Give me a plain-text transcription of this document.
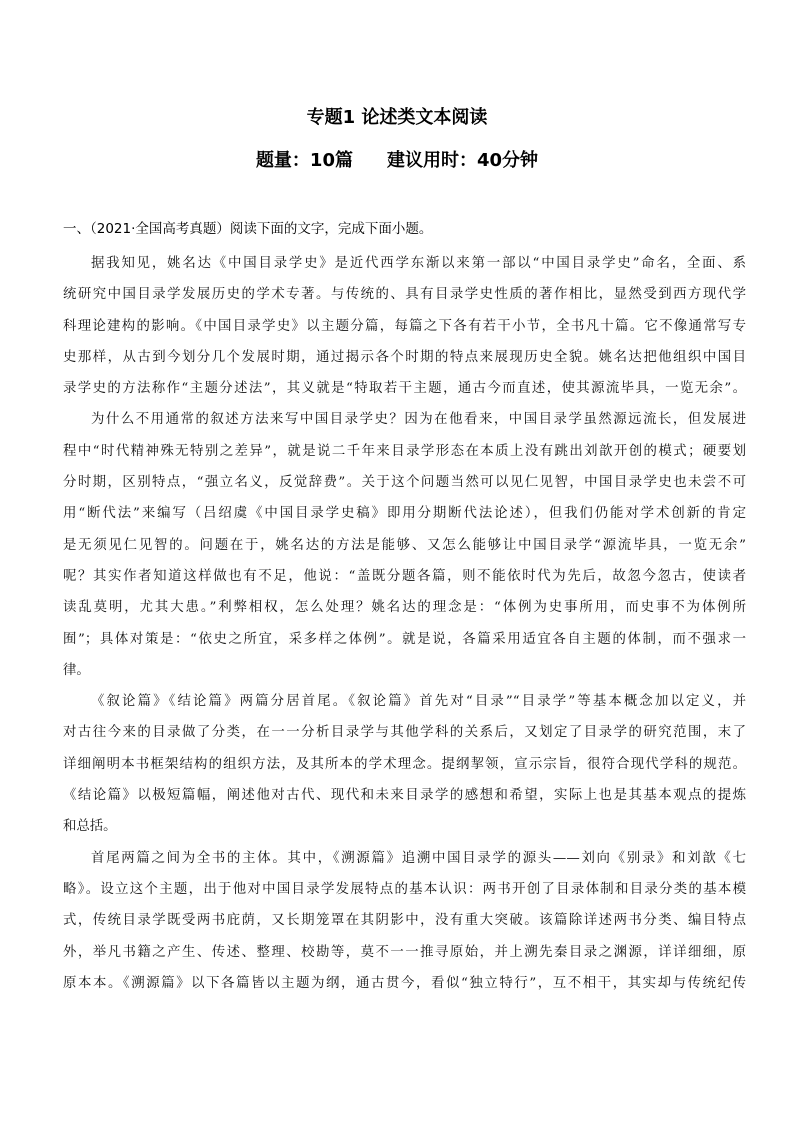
专题1 论述类文本阅读
题量：10篇 建议用时：40分钟
一、（2021·全国高考真题）阅读下面的文字，完成下面小题。
据我知见，姚名达《中国目录学史》是近代西学东渐以来第一部以“中国目录学史”命名，全面、系
统研究中国目录学发展历史的学术专著。与传统的、具有目录学史性质的著作相比，显然受到西方现代学
科理论建构的影响。《中国目录学史》以主题分篇，每篇之下各有若干小节，全书凡十篇。它不像通常写专
史那样，从古到今划分几个发展时期，通过揭示各个时期的特点来展现历史全貌。姚名达把他组织中国目
录学史的方法称作“主题分述法”，其义就是“特取若干主题，通古今而直述，使其源流毕具，一览无余”。
为什么不用通常的叙述方法来写中国目录学史？因为在他看来，中国目录学虽然源远流长，但发展进
程中“时代精神殊无特别之差异”，就是说二千年来目录学形态在本质上没有跳出刘歆开创的模式；硬要划
分时期，区别特点，“强立名义，反觉辞费”。关于这个问题当然可以见仁见智，中国目录学史也未尝不可
用“断代法”来编写（吕绍虞《中国目录学史稿》即用分期断代法论述），但我们仍能对学术创新的肯定
是无须见仁见智的。问题在于，姚名达的方法是能够、又怎么能够让中国目录学“源流毕具，一览无余”
呢？其实作者知道这样做也有不足，他说：“盖既分题各篇，则不能依时代为先后，故忽今忽古，使读者
读乱莫明，尤其大患。”利弊相权，怎么处理？姚名达的理念是：“体例为史事所用，而史事不为体例所
囿”；具体对策是：“依史之所宜，采多样之体例”。就是说，各篇采用适宜各自主题的体制，而不强求一
律。
《叙论篇》《结论篇》两篇分居首尾。《叙论篇》首先对“目录”“目录学”等基本概念加以定义，并
对古往今来的目录做了分类，在一一分析目录学与其他学科的关系后，又划定了目录学的研究范围，末了
详细阐明本书框架结构的组织方法，及其所本的学术理念。提纲挈领，宣示宗旨，很符合现代学科的规范。
《结论篇》以极短篇幅，阐述他对古代、现代和未来目录学的感想和希望，实际上也是其基本观点的提炼
和总括。
首尾两篇之间为全书的主体。其中，《溯源篇》追溯中国目录学的源头——刘向《别录》和刘歆《七
略》。设立这个主题，出于他对中国目录学发展特点的基本认识：两书开创了目录体制和目录分类的基本模
式，传统目录学既受两书庇荫，又长期笼罩在其阴影中，没有重大突破。该篇除详述两书分类、编目特点
外，举凡书籍之产生、传述、整理、校勘等，莫不一一推寻原始，并上溯先秦目录之渊源，详详细细，原
原本本。《溯源篇》以下各篇皆以主题为纲，通古贯今，看似“独立特行”，互不相干，其实却与传统纪传
